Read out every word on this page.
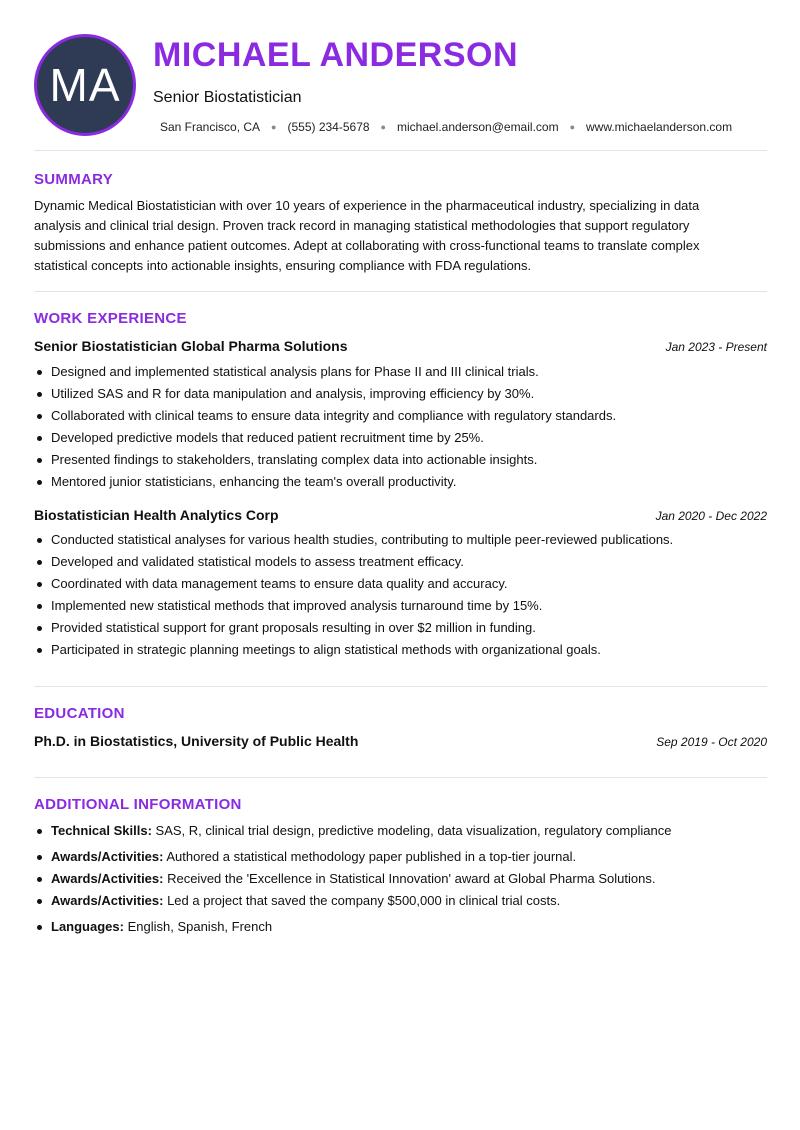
MA
MICHAEL ANDERSON
Senior Biostatistician
San Francisco, CA ● (555) 234-5678 ● michael.anderson@email.com ● www.michaelanderson.com
SUMMARY

Dynamic Medical Biostatistician with over 10 years of experience in the pharmaceutical industry, specializing in data analysis and clinical trial design. Proven track record in managing statistical methodologies that support regulatory submissions and enhance patient outcomes. Adept at collaborating with cross-functional teams to translate complex statistical concepts into actionable insights, ensuring compliance with FDA regulations.

WORK EXPERIENCE
Senior Biostatistician Global Pharma Solutions	Jan 2023 - Present
Designed and implemented statistical analysis plans for Phase II and III clinical trials.
Utilized SAS and R for data manipulation and analysis, improving efficiency by 30%.
Collaborated with clinical teams to ensure data integrity and compliance with regulatory standards.
Developed predictive models that reduced patient recruitment time by 25%.
Presented findings to stakeholders, translating complex data into actionable insights.
Mentored junior statisticians, enhancing the team's overall productivity.
Biostatistician Health Analytics Corp	Jan 2020 - Dec 2022
Conducted statistical analyses for various health studies, contributing to multiple peer-reviewed publications.
Developed and validated statistical models to assess treatment efficacy.
Coordinated with data management teams to ensure data quality and accuracy.
Implemented new statistical methods that improved analysis turnaround time by 15%.
Provided statistical support for grant proposals resulting in over $2 million in funding.
Participated in strategic planning meetings to align statistical methods with organizational goals.
EDUCATION
Ph.D. in Biostatistics, University of Public Health	Sep 2019 - Oct 2020
ADDITIONAL INFORMATION
Technical Skills: SAS, R, clinical trial design, predictive modeling, data visualization, regulatory compliance
Awards/Activities: Authored a statistical methodology paper published in a top-tier journal.
Awards/Activities: Received the 'Excellence in Statistical Innovation' award at Global Pharma Solutions.
Awards/Activities: Led a project that saved the company $500,000 in clinical trial costs.
Languages: English, Spanish, French
